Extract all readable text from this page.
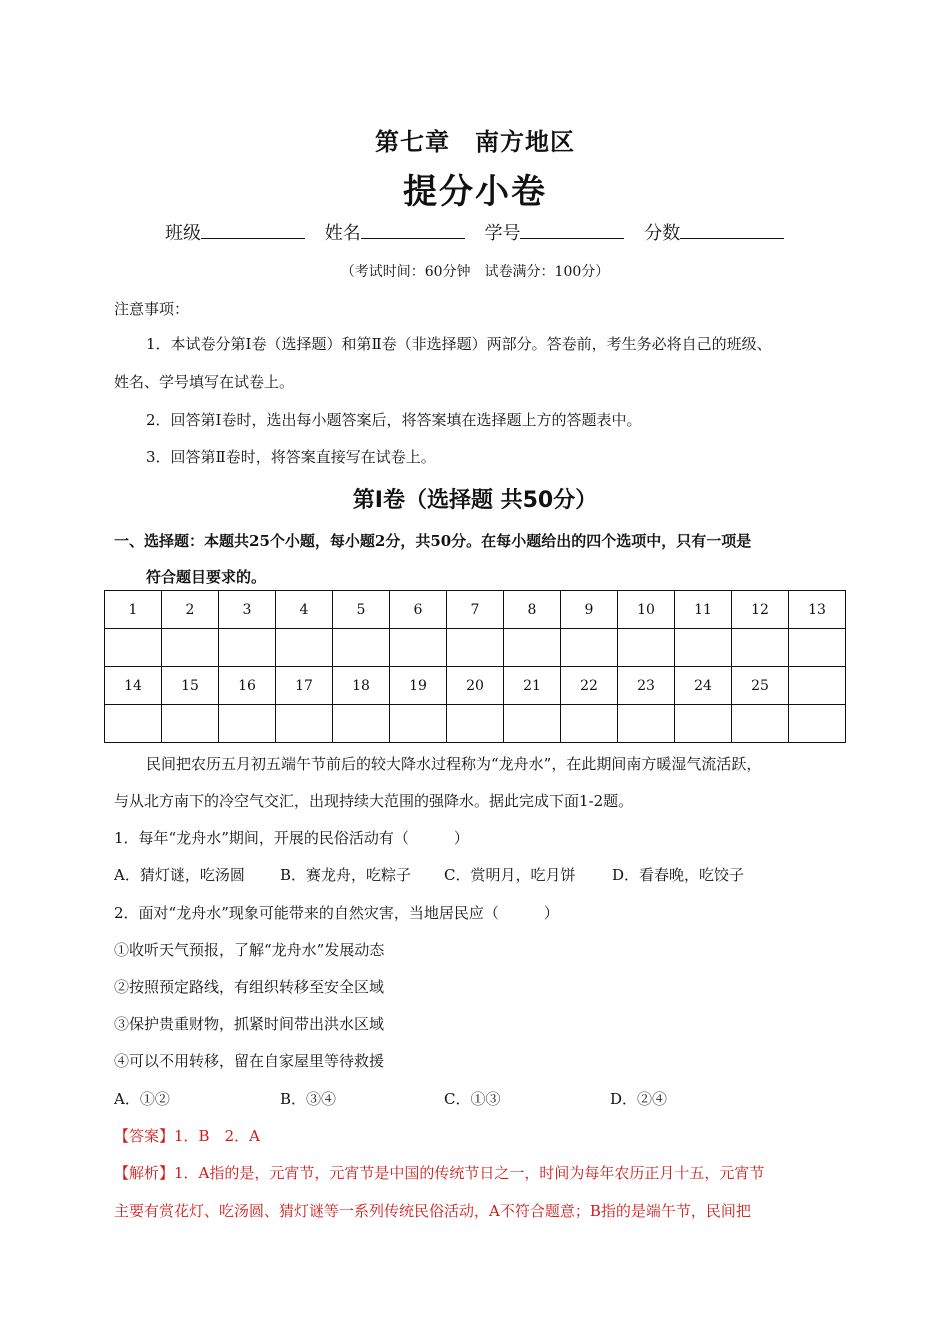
第七章　南方地区
提分小卷
班级	姓名	学号	分数
（考试时间：60分钟　试卷满分：100分）
注意事项：
1．本试卷分第Ⅰ卷（选择题）和第Ⅱ卷（非选择题）两部分。答卷前，考生务必将自己的班级、
姓名、学号填写在试卷上。
2．回答第Ⅰ卷时，选出每小题答案后，将答案填在选择题上方的答题表中。
3．回答第Ⅱ卷时，将答案直接写在试卷上。
第Ⅰ卷（选择题 共50分）
一、选择题：本题共25个小题，每小题2分，共50分。在每小题给出的四个选项中，只有一项是
符合题目要求的。
1	2	3	4	5	6	7	8	9	10	11	12	13

14	15	16	17	18	19	20	21	22	23	24	25	

民间把农历五月初五端午节前后的较大降水过程称为“龙舟水”，在此期间南方暖湿气流活跃，
与从北方南下的冷空气交汇，出现持续大范围的强降水。据此完成下面1-2题。
1．每年“龙舟水”期间，开展的民俗活动有（　　　）
A．猜灯谜，吃汤圆 B．赛龙舟，吃粽子 C．赏明月，吃月饼 D．看春晚，吃饺子
2．面对“龙舟水”现象可能带来的自然灾害，当地居民应（　　　）
①收听天气预报，了解“龙舟水”发展动态
②按照预定路线，有组织转移至安全区域
③保护贵重财物，抓紧时间带出洪水区域
④可以不用转移，留在自家屋里等待救援
A．①②	B．③④	C．①③	D．②④
【答案】1．B　2．A
【解析】1．A指的是，元宵节，元宵节是中国的传统节日之一，时间为每年农历正月十五，元宵节
主要有赏花灯、吃汤圆、猜灯谜等一系列传统民俗活动，A不符合题意；B指的是端午节，民间把
